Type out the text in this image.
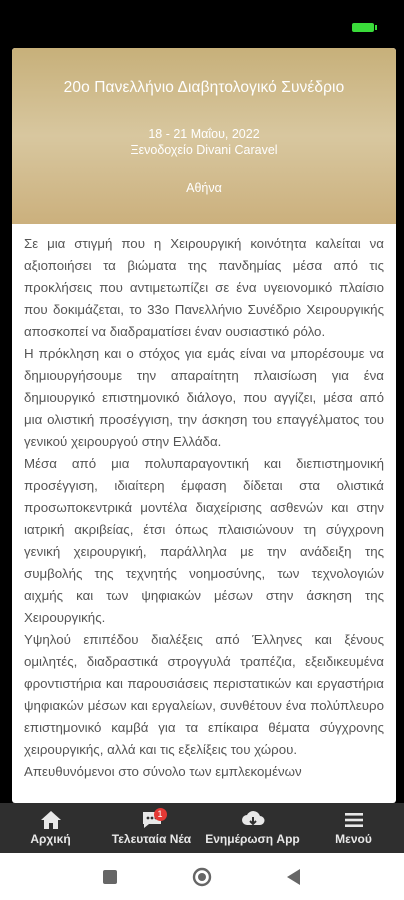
20ο Πανελλήνιο Διαβητολογικό Συνέδριο
18 - 21 Μαΐου, 2022
Ξενοδοχείο Divani Caravel
Αθήνα

Σε μια στιγμή που η Χειρουργική κοινότητα καλείται να αξιοποιήσει τα βιώματα της πανδημίας μέσα από τις προκλήσεις που αντιμετωπίζει σε ένα υγειονομικό πλαίσιο που δοκιμάζεται, το 33ο Πανελλήνιο Συνέδριο Χειρουργικής αποσκοπεί να διαδραματίσει έναν ουσιαστικό ρόλο.

Η πρόκληση και ο στόχος για εμάς είναι να μπορέσουμε να δημιουργήσουμε την απαραίτητη πλαισίωση για ένα δημιουργικό επιστημονικό διάλογο, που αγγίζει, μέσα από μια ολιστική προσέγγιση, την άσκηση του επαγγέλματος του γενικού χειρουργού στην Ελλάδα.

Μέσα από μια πολυπαραγοντική και διεπιστημονική προσέγγιση, ιδιαίτερη έμφαση δίδεται στα ολιστικά προσωποκεντρικά μοντέλα διαχείρισης ασθενών και στην ιατρική ακριβείας, έτσι όπως πλαισιώνουν τη σύγχρονη γενική χειρουργική, παράλληλα με την ανάδειξη της συμβολής της τεχνητής νοημοσύνης, των τεχνολογιών αιχμής και των ψηφιακών μέσων στην άσκηση της Χειρουργικής.

Υψηλού επιπέδου διαλέξεις από Έλληνες και ξένους ομιλητές, διαδραστικά στρογγυλά τραπέζια, εξειδικευμένα φροντιστήρια και παρουσιάσεις περιστατικών και εργαστήρια ψηφιακών μέσων και εργαλείων, συνθέτουν ένα πολύπλευρο επιστημονικό καμβά για τα επίκαιρα θέματα σύγχρονης χειρουργικής, αλλά και τις εξελίξεις του χώρου.

Απευθυνόμενοι στο σύνολο των εμπλεκομένων

Αρχική
1
Τελευταία Νέα Ενημέρωση App	Μενού
